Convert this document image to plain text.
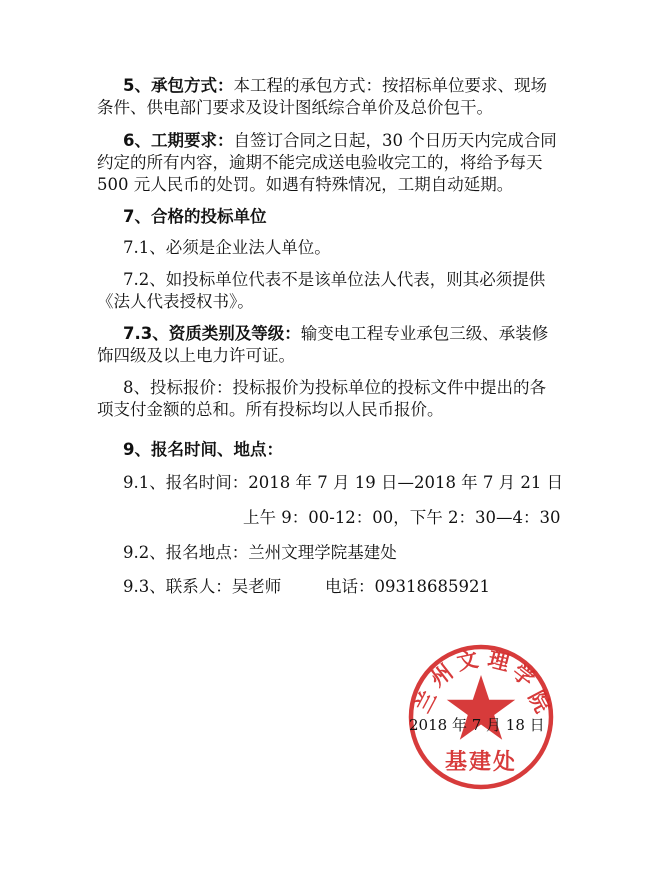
5、承包方式：本工程的承包方式：按招标单位要求、现场
条件、供电部门要求及设计图纸综合单价及总价包干。
6、工期要求：自签订合同之日起，30 个日历天内完成合同
约定的所有内容，逾期不能完成送电验收完工的，将给予每天
500 元人民币的处罚。如遇有特殊情况，工期自动延期。
7、合格的投标单位
7.1、必须是企业法人单位。
7.2、如投标单位代表不是该单位法人代表，则其必须提供
《法人代表授权书》。
7.3、资质类别及等级：输变电工程专业承包三级、承装修
饰四级及以上电力许可证。
8、投标报价：投标报价为投标单位的投标文件中提出的各
项支付金额的总和。所有投标均以人民币报价。
9、报名时间、地点：
9.1、报名时间：2018 年 7 月 19 日—2018 年 7 月 21 日
上午 9：00-12：00，下午 2：30—4：30
9.2、报名地点：兰州文理学院基建处
9.3、联系人：吴老师	电话：09318685921
兰
州
文 理
学
院
基建处
2018 年 7 月 18 日
